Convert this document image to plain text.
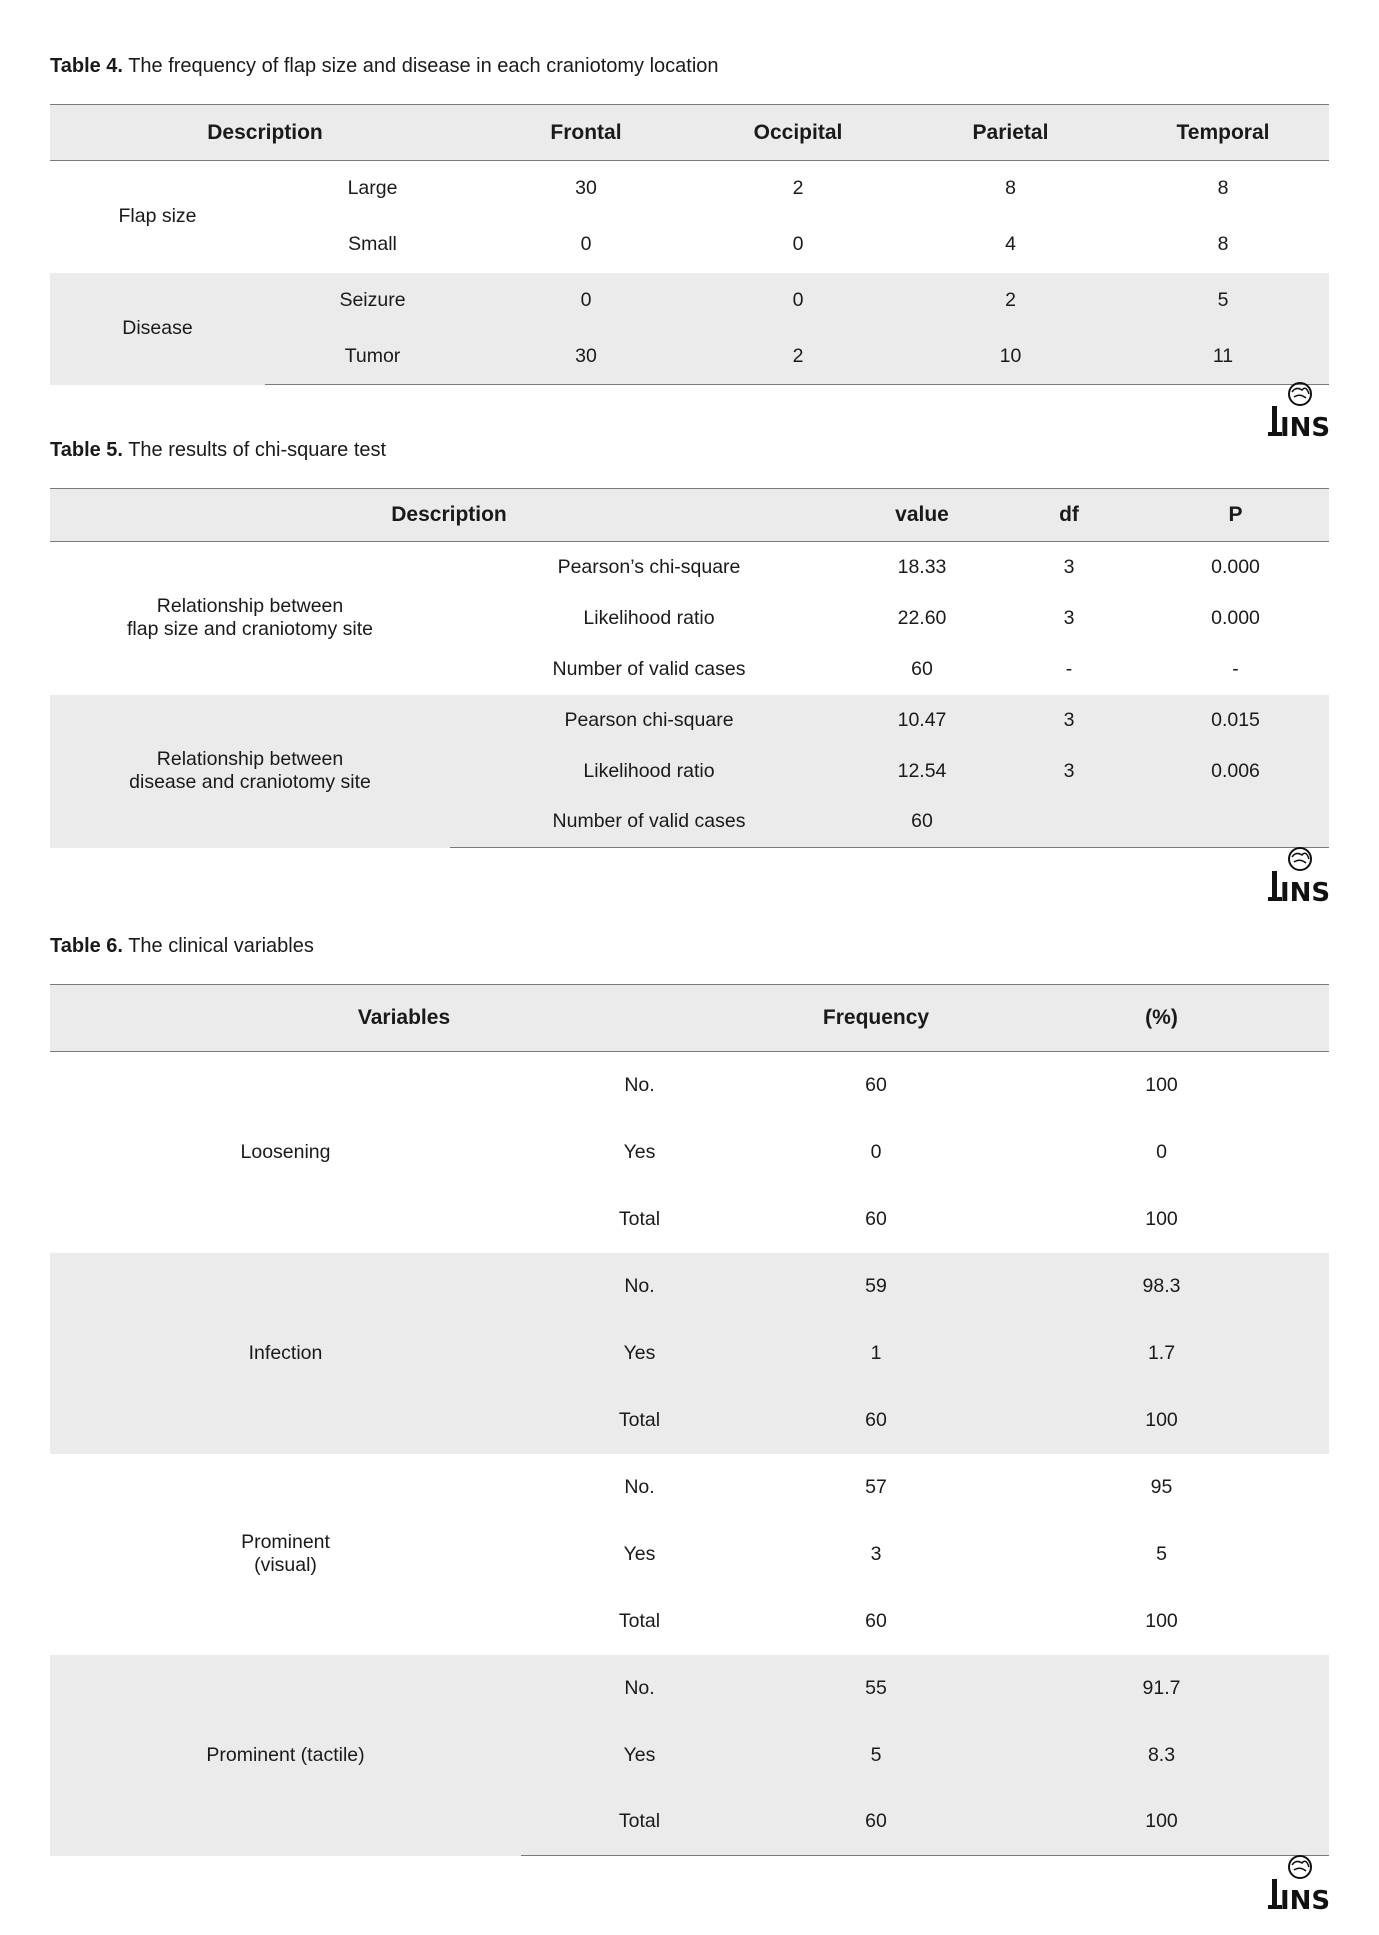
Table 4. The frequency of flap size and disease in each craniotomy location
Description		Frontal	Occipital	Parietal	Temporal
Flap size	Large	30	2	8	8
	Small	0	0	4	8
Disease	Seizure	0	0	2	5
	Tumor	30	2	10	11
INS
Table 5. The results of chi-square test
Description		value	df	P

Relationship between
flap size and craniotomy site	Pearson’s chi-square	18.33	3	0.000
	Likelihood ratio	22.60	3	0.000
	Number of valid cases	60	-	-

Relationship between
disease and craniotomy site	Pearson chi-square	10.47	3	0.015
	Likelihood ratio	12.54	3	0.006
	Number of valid cases	60		
INS
Table 6. The clinical variables
Variables		Frequency	(%)

Loosening	No.	60	100
	Yes	0	0
	Total	60	100

Infection	No.	59	98.3
	Yes	1	1.7
	Total	60	100

Prominent
(visual)	No.	57	95
	Yes	3	5
	Total	60	100

Prominent (tactile)	No.	55	91.7
	Yes	5	8.3
	Total	60	100
INS
